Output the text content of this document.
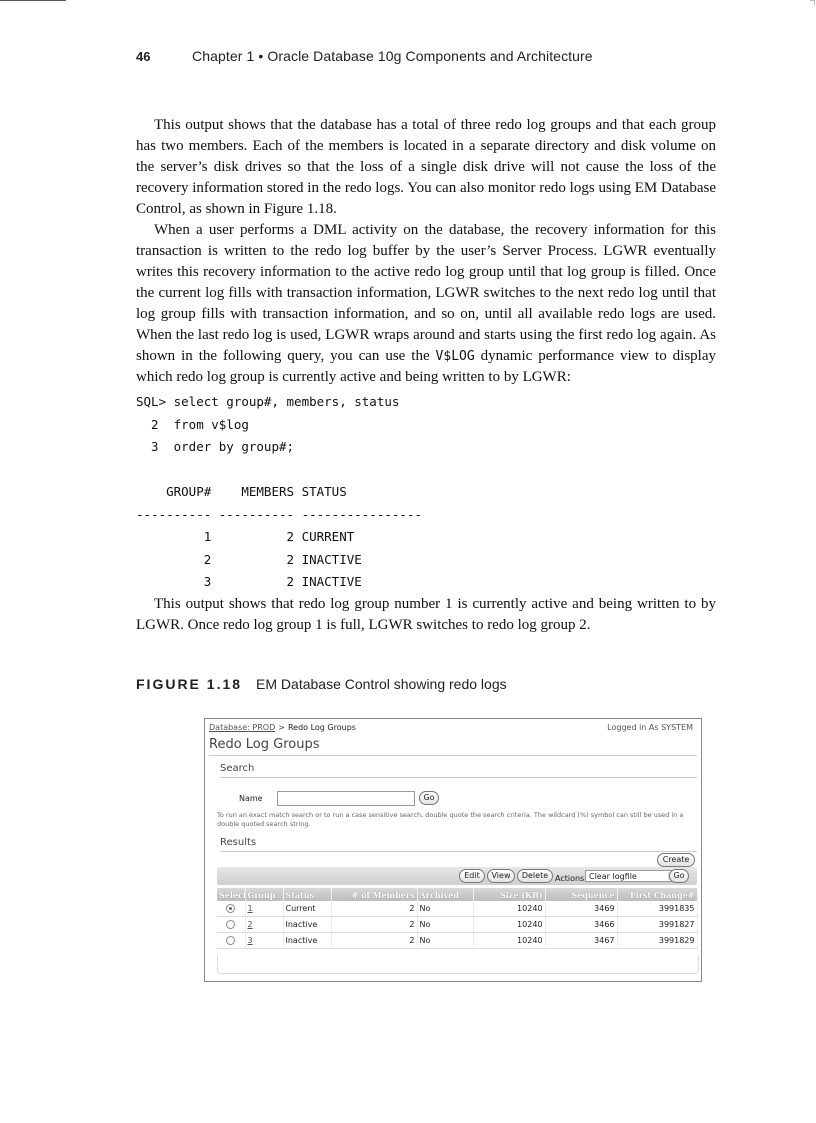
46	Chapter 1 • Oracle Database 10g Components and Architecture

This output shows that the database has a total of three redo log groups and that each group has two members. Each of the members is located in a separate directory and disk volume on the server’s disk drives so that the loss of a single disk drive will not cause the loss of the recovery information stored in the redo logs. You can also monitor redo logs using EM Database Control, as shown in Figure 1.18.

When a user performs a DML activity on the database, the recovery information for this transaction is written to the redo log buffer by the user’s Server Process. LGWR eventually writes this recovery information to the active redo log group until that log group is filled. Once the current log fills with transaction information, LGWR switches to the next redo log until that log group fills with transaction information, and so on, until all available redo logs are used. When the last redo log is used, LGWR wraps around and starts using the first redo log again. As shown in the following query, you can use the V$LOG dynamic performance view to display which redo log group is currently active and being written to by LGWR:

SQL> select group#, members, status
2  from v$log
3  order by group#;

GROUP#    MEMBERS STATUS
---------- ---------- ----------------
1          2 CURRENT
2          2 INACTIVE
3          2 INACTIVE

This output shows that redo log group number 1 is currently active and being written to by LGWR. Once redo log group 1 is full, LGWR switches to redo log group 2.

FIGURE 1.18 EM Database Control showing redo logs
Database: PROD > Redo Log Groups	Logged in As SYSTEM
Redo Log Groups
Search
Name	Go
To run an exact match search or to run a case sensitive search, double quote the search criteria. The wildcard (%) symbol can still be used in a double quoted search string.
Results
Create
Edit	View	Delete Actions Clear logfile	Go
Select	Group	Status	# of Members	Archived	Size (KB)	Sequence	First Change#
	1	Current	2	No	10240	3469	3991835
	2	Inactive	2	No	10240	3466	3991827
	3	Inactive	2	No	10240	3467	3991829
